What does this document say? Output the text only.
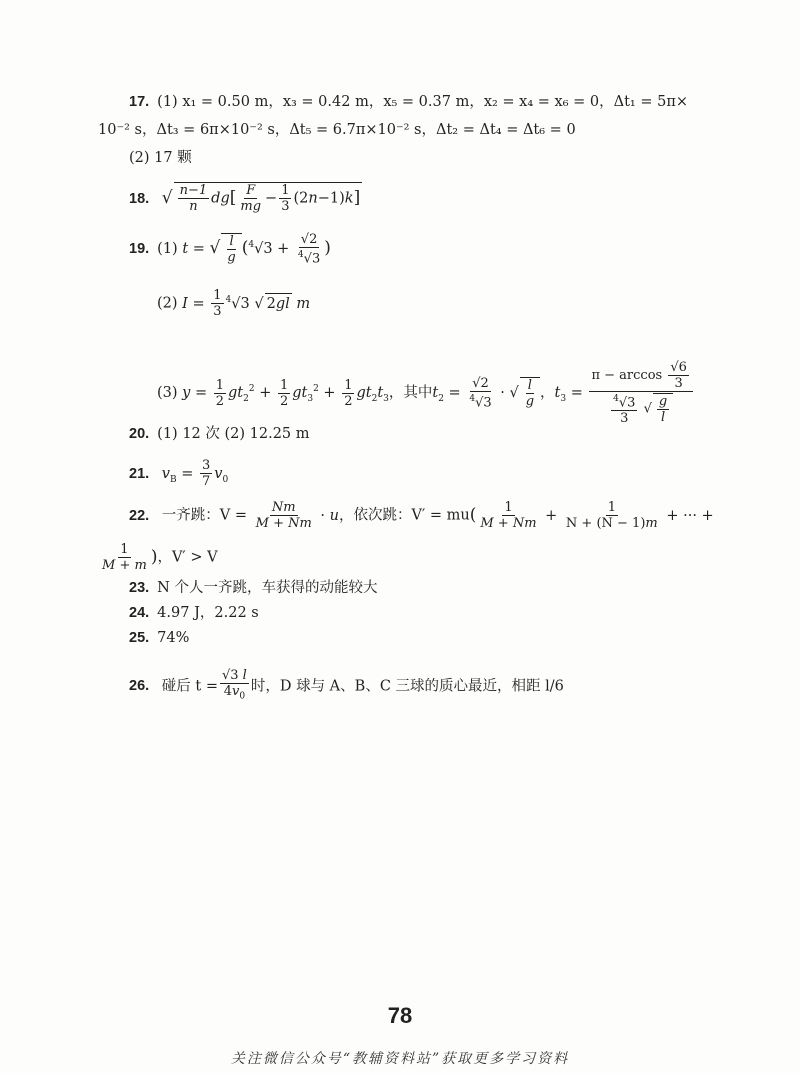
17. (1) x₁ = 0.50 m，x₃ = 0.42 m，x₅ = 0.37 m，x₂ = x₄ = x₆ = 0，Δt₁ = 5π×
10⁻² s，Δt₃ = 6π×10⁻² s，Δt₅ = 6.7π×10⁻² s，Δt₂ = Δt₄ = Δt₆ = 0
(2) 17 颗
18. √ $\frac{n-1}{n} dg[ \frac{F}{mg} - \frac{1}{3} (2n-1)k]$
19. (1) t = √ $\frac{l}{g} (^4√3 + \frac{√2}{^4√3}$ )
(2) $I = \frac{1}{3} ^4√3$ √ 2gl m
(3) $y = \frac{1}{2} gt_2^2 + \frac{1}{2} gt_3^2 + \frac{1}{2} gt_2t_3$，其中$t_2 = \frac{√2}{^4√3}$ · √ $\frac{l}{g}$ ，$t_3 = \frac{\pi - \arccos \frac{√6}{3}}{\frac{^4√3}{3} √ \frac{g}{l}}$
20. (1) 12 次 (2) 12.25 m
21. $v_B = \frac{3}{7} v_0$
22. 一齐跳：$V = \frac{Nm}{M + Nm} \cdot u$，依次跳：$V' = mu( \frac{1}{M + Nm} + \frac{1}{N + (N - 1)m}$ + ··· +
$\frac{1}{M + m}$ )，V′ > V
23. N 个人一齐跳，车获得的动能较大
24. 4.97 J，2.22 s
25. 74%
26. 碰后 $t = \frac{√3 l}{4v_0}$ 时，D 球与 A、B、C 三球的质心最近，相距 l/6
78
关注微信公众号“教辅资料站”获取更多学习资料
